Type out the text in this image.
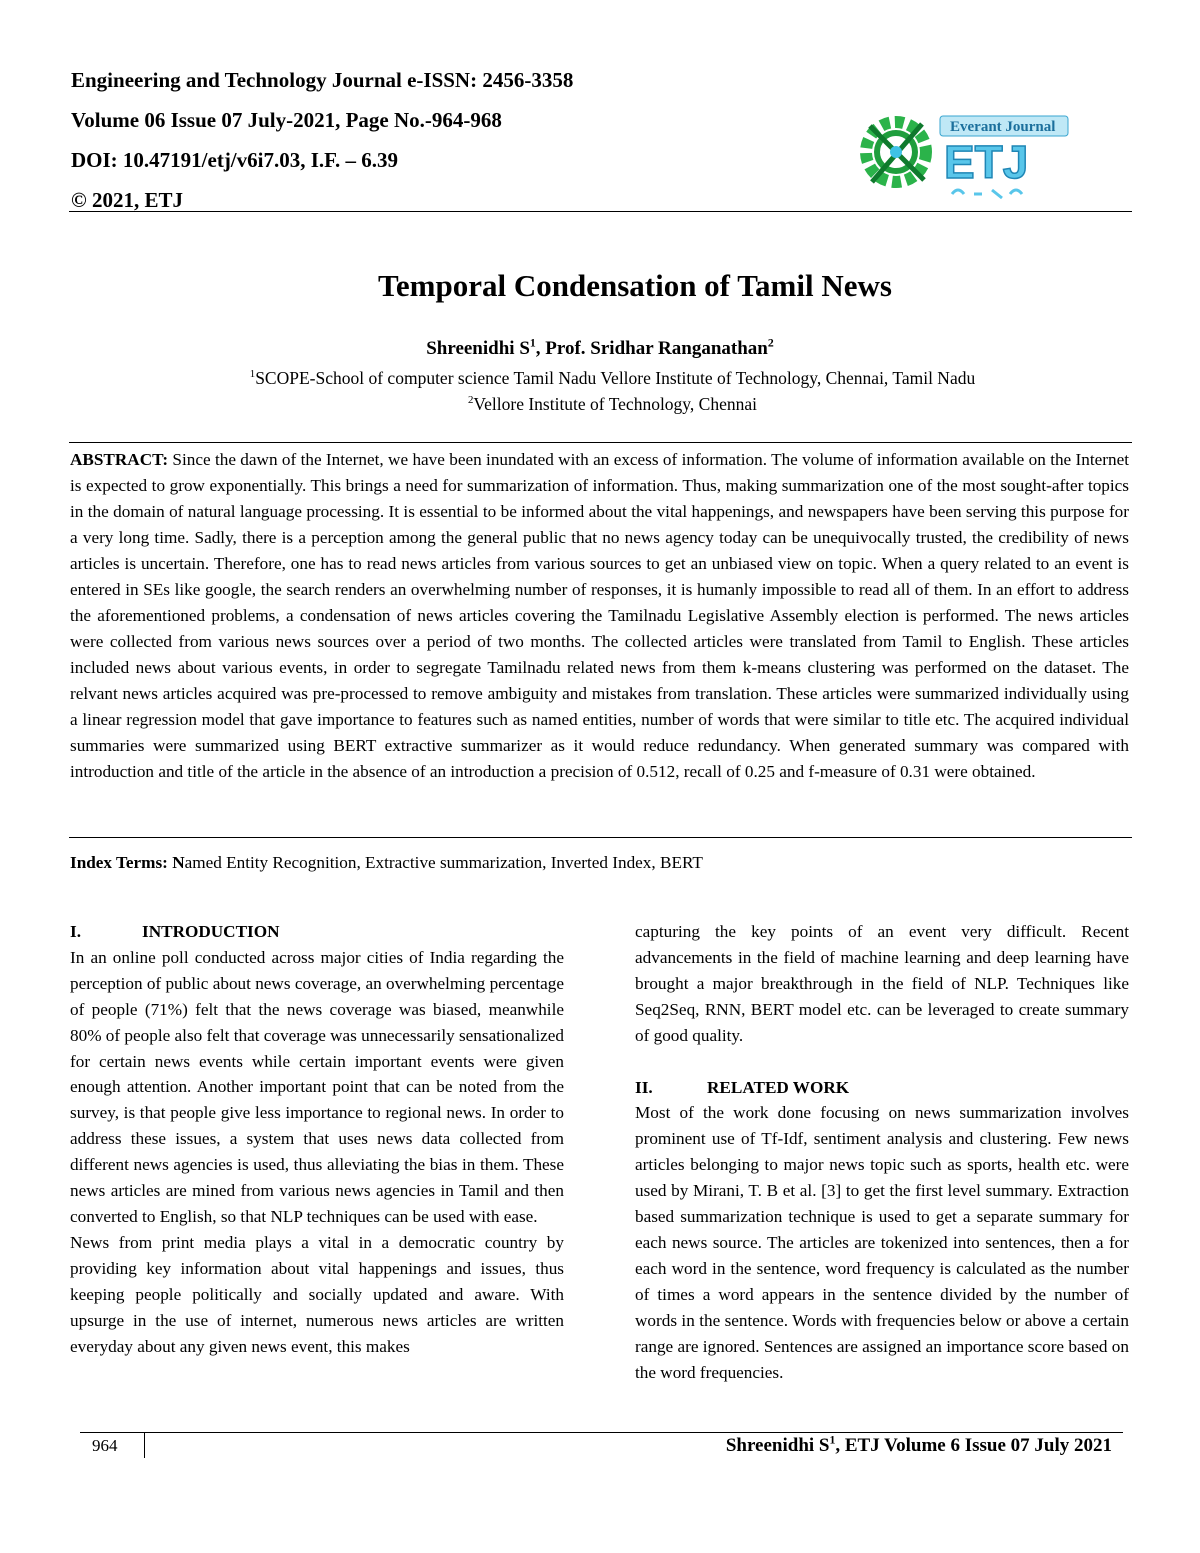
Engineering and Technology Journal e-ISSN: 2456-3358
Volume 06 Issue 07 July-2021, Page No.-964-968
DOI: 10.47191/etj/v6i7.03, I.F. – 6.39
© 2021, ETJ
Everant Journal
ETJ
Temporal Condensation of Tamil News
Shreenidhi $S^1$, Prof. Sridhar Ranganathan$^2$
$^1$SCOPE-School of computer science Tamil Nadu Vellore Institute of Technology, Chennai, Tamil Nadu
$^2$Vellore Institute of Technology, Chennai
ABSTRACT: Since the dawn of the Internet, we have been inundated with an excess of information. The volume of information available on the Internet is expected to grow exponentially. This brings a need for summarization of information. Thus, making summarization one of the most sought-after topics in the domain of natural language processing. It is essential to be informed about the vital happenings, and newspapers have been serving this purpose for a very long time. Sadly, there is a perception among the general public that no news agency today can be unequivocally trusted, the credibility of news articles is uncertain. Therefore, one has to read news articles from various sources to get an unbiased view on topic. When a query related to an event is entered in SEs like google, the search renders an overwhelming number of responses, it is humanly impossible to read all of them. In an effort to address the aforementioned problems, a condensation of news articles covering the Tamilnadu Legislative Assembly election is performed. The news articles were collected from various news sources over a period of two months. The collected articles were translated from Tamil to English. These articles included news about various events, in order to segregate Tamilnadu related news from them k-means clustering was performed on the dataset. The relvant news articles acquired was pre-processed to remove ambiguity and mistakes from translation. These articles were summarized individually using a linear regression model that gave importance to features such as named entities, number of words that were similar to title etc. The acquired individual summaries were summarized using BERT extractive summarizer as it would reduce redundancy. When generated summary was compared with introduction and title of the article in the absence of an introduction a precision of 0.512, recall of 0.25 and f-measure of 0.31 were obtained.
Index Terms: Named Entity Recognition, Extractive summarization, Inverted Index, BERT
I.	INTRODUCTION

In an online poll conducted across major cities of India regarding the perception of public about news coverage, an overwhelming percentage of people (71%) felt that the news coverage was biased, meanwhile 80% of people also felt that coverage was unnecessarily sensationalized for certain news events while certain important events were given enough attention. Another important point that can be noted from the survey, is that people give less importance to regional news. In order to address these issues, a system that uses news data collected from different news agencies is used, thus alleviating the bias in them. These news articles are mined from various news agencies in Tamil and then converted to English, so that NLP techniques can be used with ease.

News from print media plays a vital in a democratic country by providing key information about vital happenings and issues, thus keeping people politically and socially updated and aware. With upsurge in the use of internet, numerous news articles are written everyday about any given news event, this makes

capturing the key points of an event very difficult. Recent advancements in the field of machine learning and deep learning have brought a major breakthrough in the field of NLP. Techniques like Seq2Seq, RNN, BERT model etc. can be leveraged to create summary of good quality.

II.	RELATED WORK

Most of the work done focusing on news summarization involves prominent use of Tf-Idf, sentiment analysis and clustering. Few news articles belonging to major news topic such as sports, health etc. were used by Mirani, T. B et al. [3] to get the first level summary. Extraction based summarization technique is used to get a separate summary for each news source. The articles are tokenized into sentences, then a for each word in the sentence, word frequency is calculated as the number of times a word appears in the sentence divided by the number of words in the sentence. Words with frequencies below or above a certain range are ignored. Sentences are assigned an importance score based on the word frequencies.

964	Shreenidhi $S^1$, ETJ Volume 6 Issue 07 July 2021
